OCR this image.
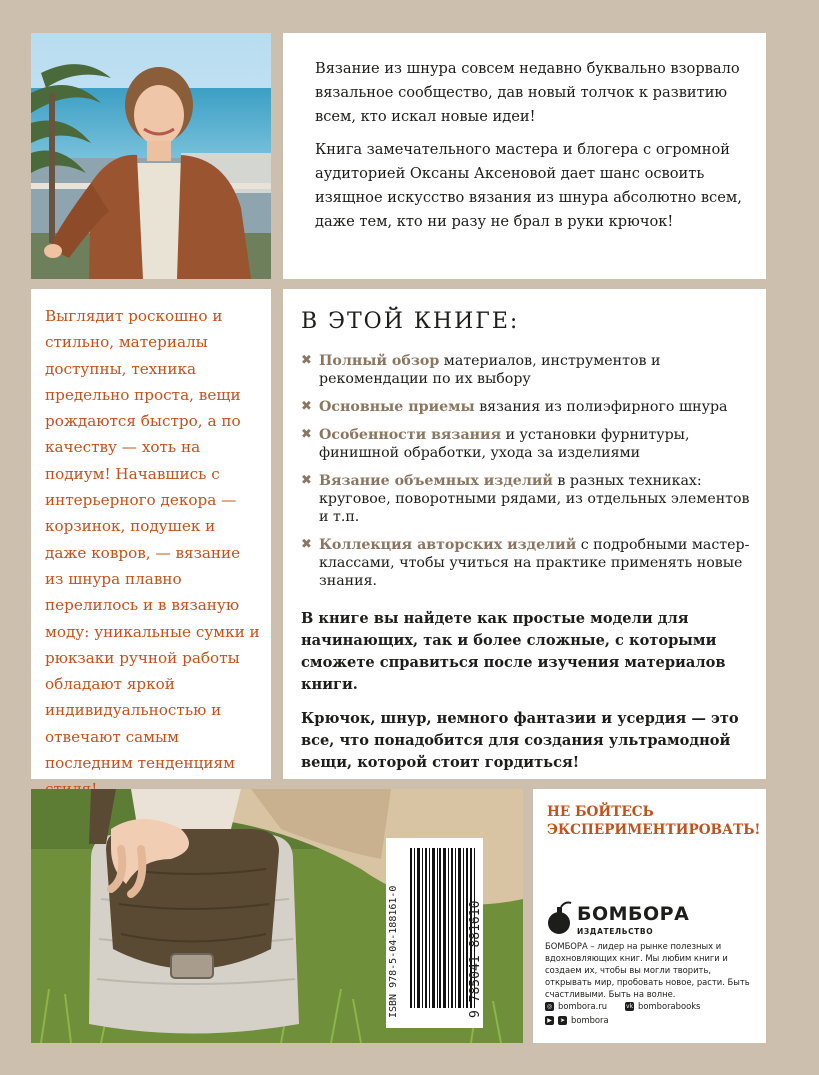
Вязание из шнура совсем недавно буквально взорвало вязальное сообщество, дав новый толчок к развитию всем, кто искал новые идеи!

Книга замечательного мастера и блогера с огромной аудиторией Оксаны Аксеновой дает шанс освоить изящное искусство вязания из шнура абсолютно всем, даже тем, кто ни разу не брал в руки крючок!

Выглядит роскошно и стильно, материалы доступны, техника предельно проста, вещи рождаются быстро, а по качеству — хоть на подиум! Начавшись с интерьерного декора — корзинок, подушек и даже ковров, — вязание из шнура плавно перелилось и в вязаную моду: уникальные сумки и рюкзаки ручной работы обладают яркой индивидуальностью и отвечают самым последним тенденциям

В ЭТОЙ КНИГЕ:
✖ Полный обзор материалов, инструментов и рекомендации по их выбору
✖ Основные приемы вязания из полиэфирного шнура
✖ Особенности вязания и установки фурнитуры, финишной обработки, ухода за изделиями
✖ Вязание объемных изделий в разных техниках: круговое, поворотными рядами, из отдельных элементов и т.п.
✖ Коллекция авторских изделий с подробными мастер-классами, чтобы учиться на практике применять новые знания.

В книге вы найдете как простые модели для начинающих, так и более сложные, с которыми сможете справиться после изучения материалов книги.

Крючок, шнур, немного фантазии и усердия — это все, что понадобится для создания ультрамодной вещи, которой стоит гордиться!

ISBN 978-5-04-188161-0	9 785041 881610

НЕ БОЙТЕСЬ ЭКСПЕРИМЕНТИРОВАТЬ!

БОМБОРА
ИЗДАТЕЛЬСТВО

БОМБОРА – лидер на рынке полезных и вдохновляющих книг. Мы любим книги и создаем их, чтобы вы могли творить, открывать мир, пробовать новое, расти. Быть счастливыми. Быть на волне.

◎ bombora.ru	vk bomborabooks
▶	➤ bombora
